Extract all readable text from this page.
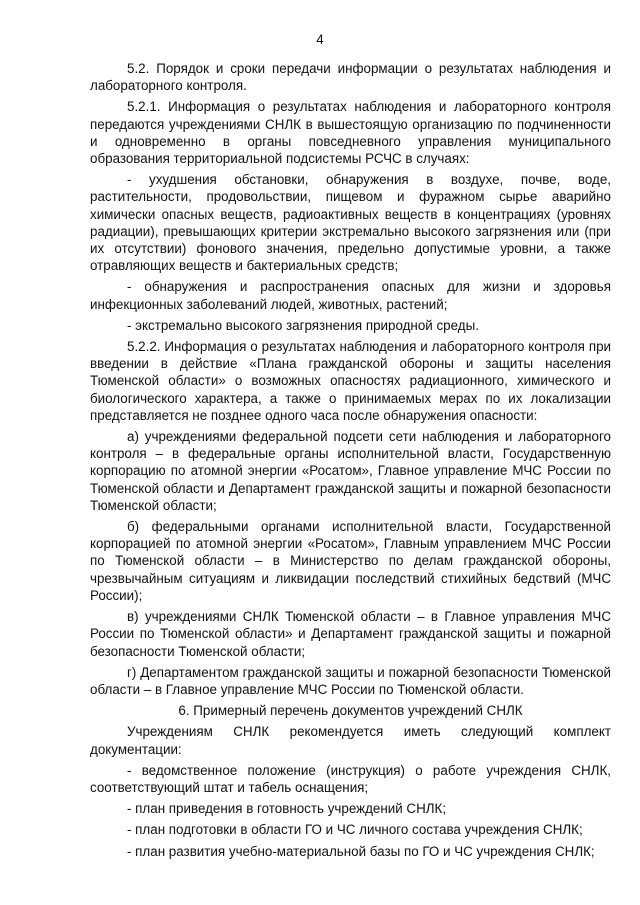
4

5.2. Порядок и сроки передачи информации о результатах наблюдения и лабораторного контроля.

5.2.1. Информация о результатах наблюдения и лабораторного контроля передаются учреждениями СНЛК в вышестоящую организацию по подчиненности и одновременно в органы повседневного управления муниципального образования территориальной подсистемы РСЧС в случаях:

- ухудшения обстановки, обнаружения в воздухе, почве, воде, растительности, продовольствии, пищевом и фуражном сырье аварийно химически опасных веществ, радиоактивных веществ в концентрациях (уровнях радиации), превышающих критерии экстремально высокого загрязнения или (при их отсутствии) фонового значения, предельно допустимые уровни, а также отравляющих веществ и бактериальных средств;

- обнаружения и распространения опасных для жизни и здоровья инфекционных заболеваний людей, животных, растений;

- экстремально высокого загрязнения природной среды.

5.2.2. Информация о результатах наблюдения и лабораторного контроля при введении в действие «Плана гражданской обороны и защиты населения Тюменской области» о возможных опасностях радиационного, химического и биологического характера, а также о принимаемых мерах по их локализации представляется не позднее одного часа после обнаружения опасности:

а) учреждениями федеральной подсети сети наблюдения и лабораторного контроля – в федеральные органы исполнительной власти, Государственную корпорацию по атомной энергии «Росатом», Главное управление МЧС России по Тюменской области и Департамент гражданской защиты и пожарной безопасности Тюменской области;

б) федеральными органами исполнительной власти, Государственной корпорацией по атомной энергии «Росатом», Главным управлением МЧС России по Тюменской области – в Министерство по делам гражданской обороны, чрезвычайным ситуациям и ликвидации последствий стихийных бедствий (МЧС России);

в) учреждениями СНЛК Тюменской области – в Главное управления МЧС России по Тюменской области» и Департамент гражданской защиты и пожарной безопасности Тюменской области;

г) Департаментом гражданской защиты и пожарной безопасности Тюменской области – в Главное управление МЧС России по Тюменской области.

6. Примерный перечень документов учреждений СНЛК

Учреждениям СНЛК рекомендуется иметь следующий комплект документации:

- ведомственное положение (инструкция) о работе учреждения СНЛК, соответствующий штат и табель оснащения;

- план приведения в готовность учреждений СНЛК;

- план подготовки в области ГО и ЧС личного состава учреждения СНЛК;

- план развития учебно-материальной базы по ГО и ЧС учреждения СНЛК;
